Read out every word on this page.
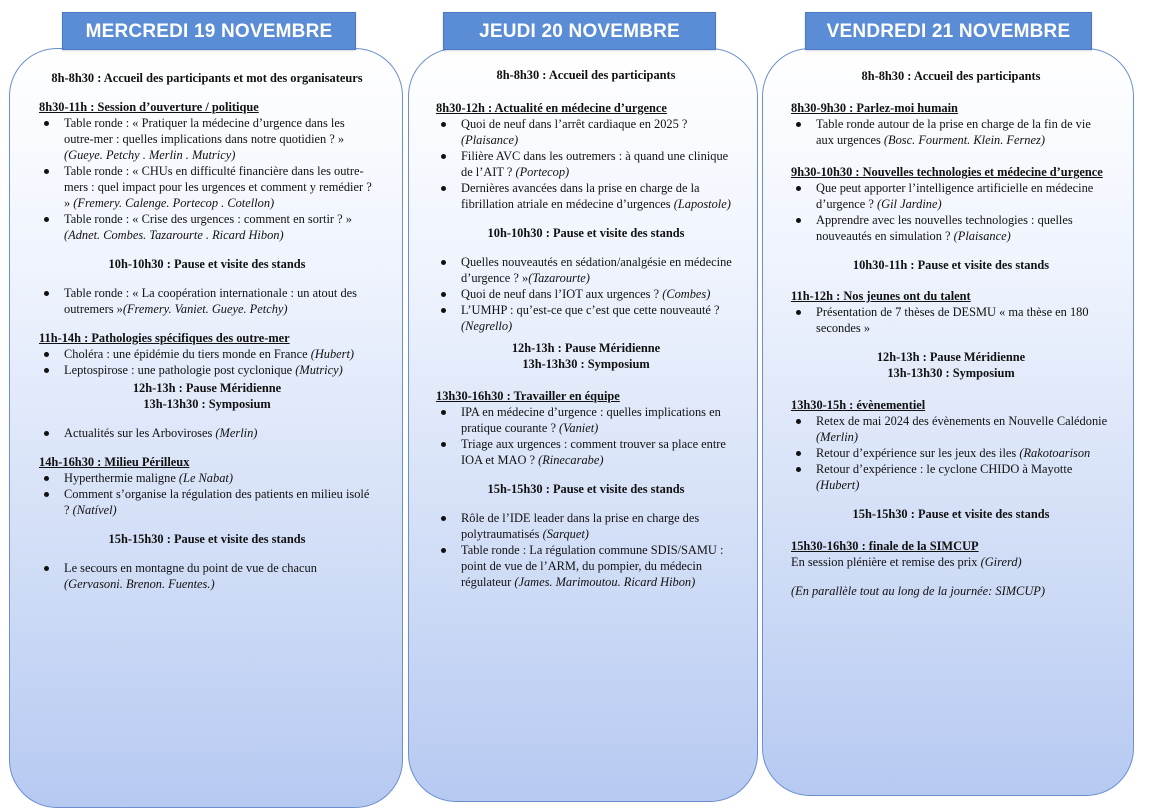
MERCREDI 19 NOVEMBRE
8h-8h30 : Accueil des participants et mot des organisateurs
8h30-11h : Session d’ouverture / politique
Table ronde : « Pratiquer la médecine d’urgence dans les outre-mer : quelles implications dans notre quotidien ? » (Gueye. Petchy . Merlin . Mutricy)
Table ronde : « CHUs en difficulté financière dans les outre-mers : quel impact pour les urgences et comment y remédier ? » (Fremery. Calenge. Portecop . Cotellon)
Table ronde : « Crise des urgences : comment en sortir ? » (Adnet. Combes. Tazarourte . Ricard Hibon)
10h-10h30 : Pause et visite des stands
Table ronde : « La coopération internationale : un atout des outremers »(Fremery. Vaniet. Gueye. Petchy)
11h-14h : Pathologies spécifiques des outre-mer
Choléra : une épidémie du tiers monde en France (Hubert)
Leptospirose : une pathologie post cyclonique (Mutricy)
12h-13h : Pause Méridienne
13h-13h30 : Symposium
Actualités sur les Arboviroses (Merlin)
14h-16h30 : Milieu Périlleux
Hyperthermie maligne (Le Nabat)
Comment s’organise la régulation des patients en milieu isolé ? (Natível)
15h-15h30 : Pause et visite des stands
Le secours en montagne du point de vue de chacun (Gervasoni. Brenon. Fuentes.)
JEUDI 20 NOVEMBRE
8h-8h30 : Accueil des participants
8h30-12h : Actualité en médecine d’urgence
Quoi de neuf dans l’arrêt cardiaque en 2025 ? (Plaisance)
Filière AVC dans les outremers : à quand une clinique de l’AIT ? (Portecop)
Dernières avancées dans la prise en charge de la fibrillation atriale en médecine d’urgences (Lapostole)
10h-10h30 : Pause et visite des stands
Quelles nouveautés en sédation/analgésie en médecine d’urgence ? »(Tazarourte)
Quoi de neuf dans l’IOT aux urgences ? (Combes)
L’UMHP : qu’est-ce que c’est que cette nouveauté ? (Negrello)
12h-13h : Pause Méridienne
13h-13h30 : Symposium
13h30-16h30 : Travailler en équipe
IPA en médecine d’urgence : quelles implications en pratique courante ? (Vaniet)
Triage aux urgences : comment trouver sa place entre IOA et MAO ? (Rinecarabe)
15h-15h30 : Pause et visite des stands
Rôle de l’IDE leader dans la prise en charge des polytraumatisés (Sarquet)
Table ronde : La régulation commune SDIS/SAMU : point de vue de l’ARM, du pompier, du médecin régulateur (James. Marimoutou. Ricard Hibon)
VENDREDI 21 NOVEMBRE
8h-8h30 : Accueil des participants
8h30-9h30 : Parlez-moi humain
Table ronde autour de la prise en charge de la fin de vie aux urgences (Bosc. Fourment. Klein. Fernez)
9h30-10h30 : Nouvelles technologies et médecine d’urgence
Que peut apporter l’intelligence artificielle en médecine d’urgence ? (Gil Jardine)
Apprendre avec les nouvelles technologies : quelles nouveautés en simulation ? (Plaisance)
10h30-11h : Pause et visite des stands
11h-12h : Nos jeunes ont du talent
Présentation de 7 thèses de DESMU « ma thèse en 180 secondes »
12h-13h : Pause Méridienne
13h-13h30 : Symposium
13h30-15h : évènementiel
Retex de mai 2024 des évènements en Nouvelle Calédonie (Merlin)
Retour d’expérience sur les jeux des iles (Rakotoarison
Retour d’expérience : le cyclone CHIDO à Mayotte (Hubert)
15h-15h30 : Pause et visite des stands
15h30-16h30 : finale de la SIMCUP
En session plénière et remise des prix (Girerd)
(En parallèle tout au long de la journée: SIMCUP)
